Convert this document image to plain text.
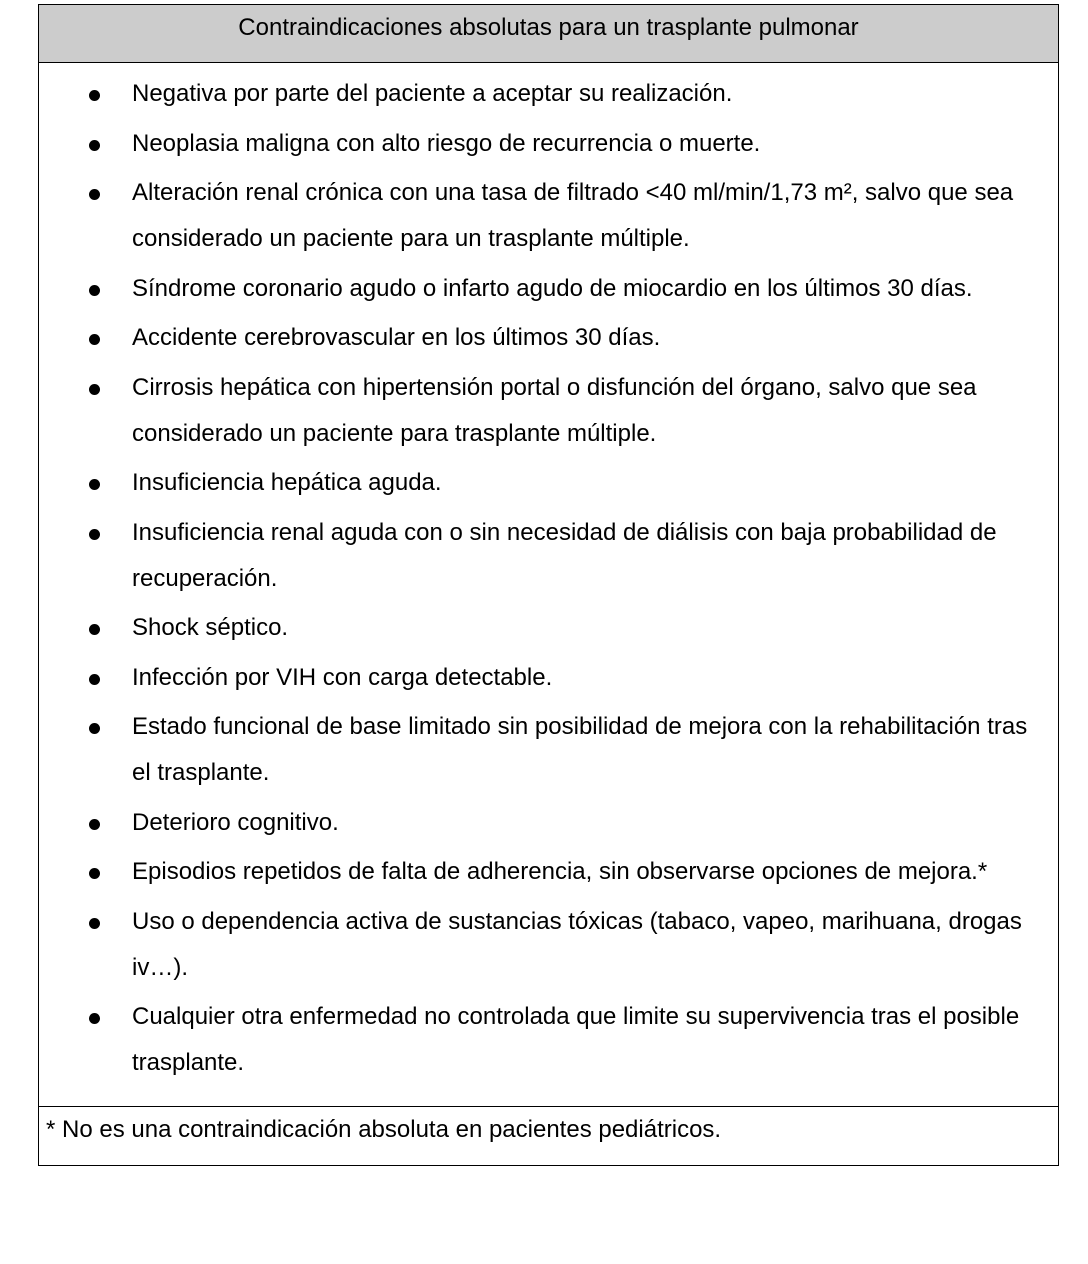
Contraindicaciones absolutas para un trasplante pulmonar
Negativa por parte del paciente a aceptar su realización.
Neoplasia maligna con alto riesgo de recurrencia o muerte.
Alteración renal crónica con una tasa de filtrado <40 ml/min/1,73 m², salvo que sea considerado un paciente para un trasplante múltiple.
Síndrome coronario agudo o infarto agudo de miocardio en los últimos 30 días.
Accidente cerebrovascular en los últimos 30 días.
Cirrosis hepática con hipertensión portal o disfunción del órgano, salvo que sea considerado un paciente para trasplante múltiple.
Insuficiencia hepática aguda.
Insuficiencia renal aguda con o sin necesidad de diálisis con baja probabilidad de recuperación.
Shock séptico.
Infección por VIH con carga detectable.
Estado funcional de base limitado sin posibilidad de mejora con la rehabilitación tras el trasplante.
Deterioro cognitivo.
Episodios repetidos de falta de adherencia, sin observarse opciones de mejora.*
Uso o dependencia activa de sustancias tóxicas (tabaco, vapeo, marihuana, drogas iv…).
Cualquier otra enfermedad no controlada que limite su supervivencia tras el posible trasplante.
* No es una contraindicación absoluta en pacientes pediátricos.
